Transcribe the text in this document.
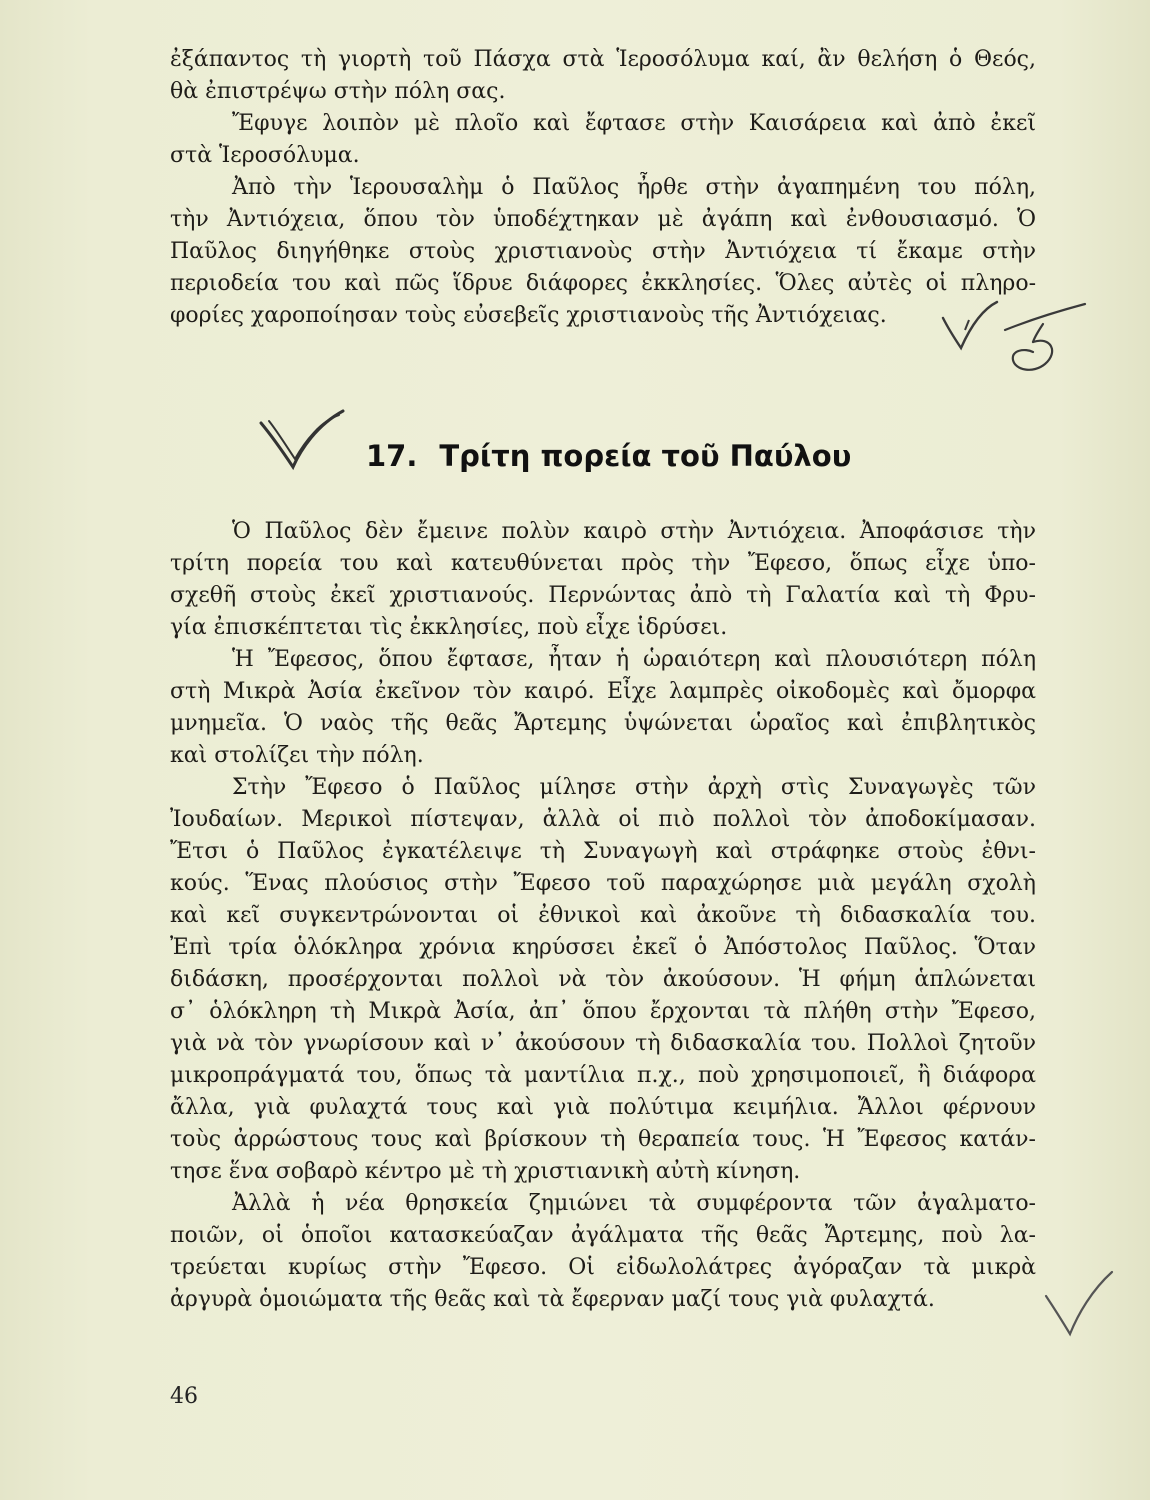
ἐξάπαντος τὴ γιορτὴ τοῦ Πάσχα στὰ Ἱεροσόλυμα καί, ἂν θελήση ὁ Θεός,
θὰ ἐπιστρέψω στὴν πόλη σας.
Ἔφυγε λοιπὸν μὲ πλοῖο καὶ ἔφτασε στὴν Καισάρεια καὶ ἀπὸ ἐκεῖ
στὰ Ἱεροσόλυμα.
Ἀπὸ τὴν Ἱερουσαλὴμ ὁ Παῦλος ἦρθε στὴν ἀγαπημένη του πόλη,
τὴν Ἀντιόχεια, ὅπου τὸν ὑποδέχτηκαν μὲ ἀγάπη καὶ ἐνθουσιασμό. Ὁ
Παῦλος διηγήθηκε στοὺς χριστιανοὺς στὴν Ἀντιόχεια τί ἔκαμε στὴν
περιοδεία του καὶ πῶς ἵδρυε διάφορες ἐκκλησίες. Ὅλες αὐτὲς οἱ πληρο-
φορίες χαροποίησαν τοὺς εὐσεβεῖς χριστιανοὺς τῆς Ἀντιόχειας.
17. Τρίτη πορεία τοῦ Παύλου
Ὁ Παῦλος δὲν ἔμεινε πολὺν καιρὸ στὴν Ἀντιόχεια. Ἀποφάσισε τὴν
τρίτη πορεία του καὶ κατευθύνεται πρὸς τὴν Ἔφεσο, ὅπως εἶχε ὑπο-
σχεθῆ στοὺς ἐκεῖ χριστιανούς. Περνώντας ἀπὸ τὴ Γαλατία καὶ τὴ Φρυ-
γία ἐπισκέπτεται τὶς ἐκκλησίες, ποὺ εἶχε ἱδρύσει.
Ἡ Ἔφεσος, ὅπου ἔφτασε, ἦταν ἡ ὡραιότερη καὶ πλουσιότερη πόλη
στὴ Μικρὰ Ἀσία ἐκεῖνον τὸν καιρό. Εἶχε λαμπρὲς οἰκοδομὲς καὶ ὄμορφα
μνημεῖα. Ὁ ναὸς τῆς θεᾶς Ἄρτεμης ὑψώνεται ὡραῖος καὶ ἐπιβλητικὸς
καὶ στολίζει τὴν πόλη.
Στὴν Ἔφεσο ὁ Παῦλος μίλησε στὴν ἀρχὴ στὶς Συναγωγὲς τῶν
Ἰουδαίων. Μερικοὶ πίστεψαν, ἀλλὰ οἱ πιὸ πολλοὶ τὸν ἀποδοκίμασαν.
Ἔτσι ὁ Παῦλος ἐγκατέλειψε τὴ Συναγωγὴ καὶ στράφηκε στοὺς ἐθνι-
κούς. Ἕνας πλούσιος στὴν Ἔφεσο τοῦ παραχώρησε μιὰ μεγάλη σχολὴ
καὶ κεῖ συγκεντρώνονται οἱ ἐθνικοὶ καὶ ἀκοῦνε τὴ διδασκαλία του.
Ἐπὶ τρία ὁλόκληρα χρόνια κηρύσσει ἐκεῖ ὁ Ἀπόστολος Παῦλος. Ὅταν
διδάσκη, προσέρχονται πολλοὶ νὰ τὸν ἀκούσουν. Ἡ φήμη ἁπλώνεται
σ᾽ ὁλόκληρη τὴ Μικρὰ Ἀσία, ἀπ᾽ ὅπου ἔρχονται τὰ πλήθη στὴν Ἔφεσο,
γιὰ νὰ τὸν γνωρίσουν καὶ ν᾽ ἀκούσουν τὴ διδασκαλία του. Πολλοὶ ζητοῦν
μικροπράγματά του, ὅπως τὰ μαντίλια π.χ., ποὺ χρησιμοποιεῖ, ἢ διάφορα
ἄλλα, γιὰ φυλαχτά τους καὶ γιὰ πολύτιμα κειμήλια. Ἄλλοι φέρνουν
τοὺς ἀρρώστους τους καὶ βρίσκουν τὴ θεραπεία τους. Ἡ Ἔφεσος κατάν-
τησε ἕνα σοβαρὸ κέντρο μὲ τὴ χριστιανικὴ αὐτὴ κίνηση.
Ἀλλὰ ἡ νέα θρησκεία ζημιώνει τὰ συμφέροντα τῶν ἀγαλματο-
ποιῶν, οἱ ὁποῖοι κατασκεύαζαν ἀγάλματα τῆς θεᾶς Ἄρτεμης, ποὺ λα-
τρεύεται κυρίως στὴν Ἔφεσο. Οἱ εἰδωλολάτρες ἀγόραζαν τὰ μικρὰ
ἀργυρὰ ὁμοιώματα τῆς θεᾶς καὶ τὰ ἔφερναν μαζί τους γιὰ φυλαχτά.
46
